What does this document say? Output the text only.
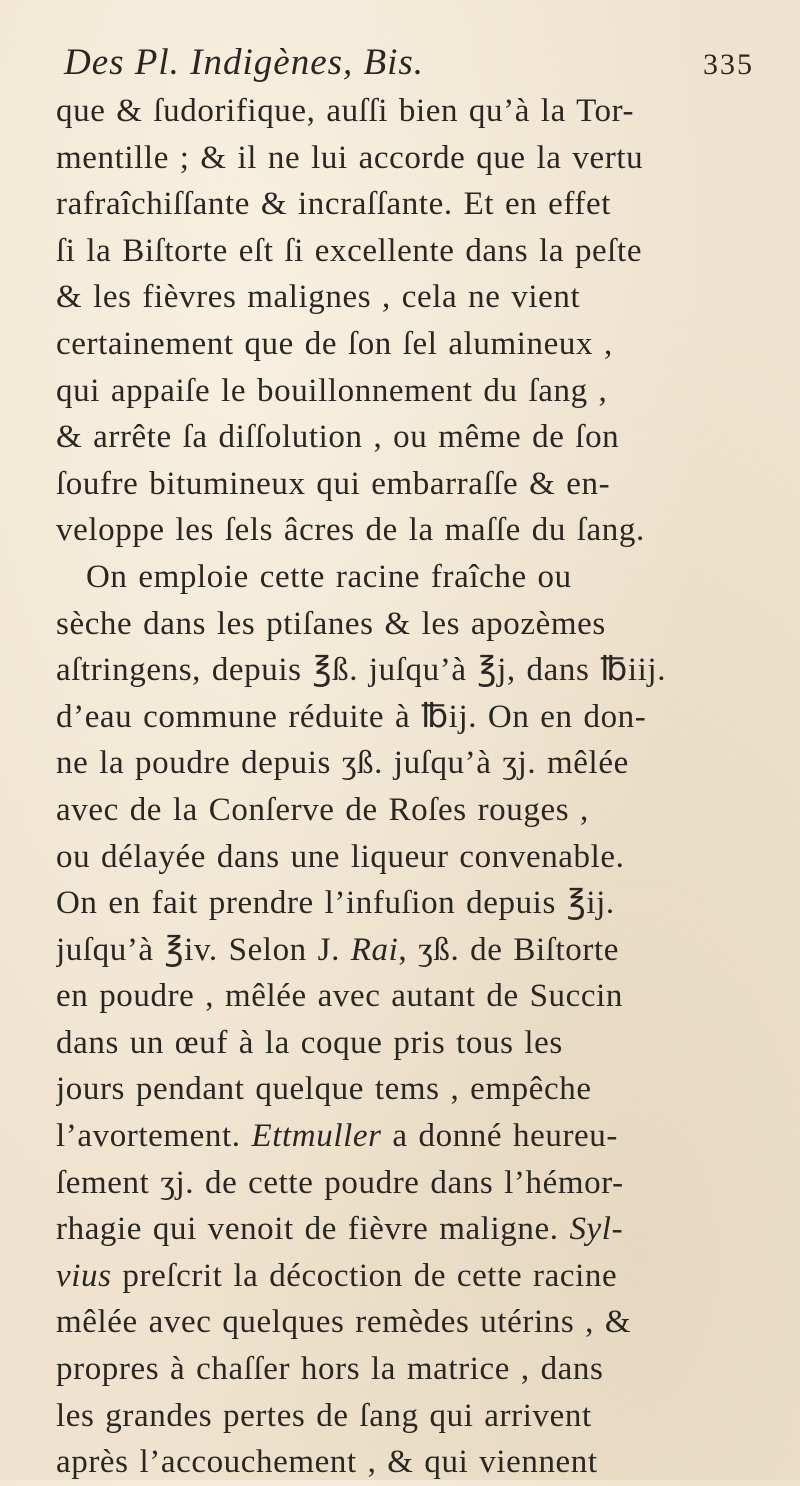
Des Pl. Indigènes, Bis.	335
que & ſudorifique, auſſi bien qu’à la Tor-
mentille ; & il ne lui accorde que la vertu
rafraîchiſſante & incraſſante. Et en effet
ſi la Biſtorte eſt ſi excellente dans la peſte
& les fièvres malignes , cela ne vient
certainement que de ſon ſel alumineux ,
qui appaiſe le bouillonnement du ſang ,
& arrête ſa diſſolution , ou même de ſon
ſoufre bitumineux qui embarraſſe & en-
veloppe les ſels âcres de la maſſe du ſang.
On emploie cette racine fraîche ou
sèche dans les ptiſanes & les apozèmes
aſtringens, depuis ℥ß. juſqu’à ℥j, dans ℔iij.
d’eau commune réduite à ℔ij. On en don-
ne la poudre depuis ʒß. juſqu’à ʒj. mêlée
avec de la Conſerve de Roſes rouges ,
ou délayée dans une liqueur convenable.
On en fait prendre l’infuſion depuis ℥ij.
juſqu’à ℥iv. Selon J. Rai, ʒß. de Biſtorte
en poudre , mêlée avec autant de Succin
dans un œuf à la coque pris tous les
jours pendant quelque tems , empêche
l’avortement. Ettmuller a donné heureu-
ſement ʒj. de cette poudre dans l’hémor-
rhagie qui venoit de fièvre maligne. Syl-
vius preſcrit la décoction de cette racine
mêlée avec quelques remèdes utérins , &
propres à chaſſer hors la matrice , dans
les grandes pertes de ſang qui arrivent
après l’accouchement , & qui viennent
